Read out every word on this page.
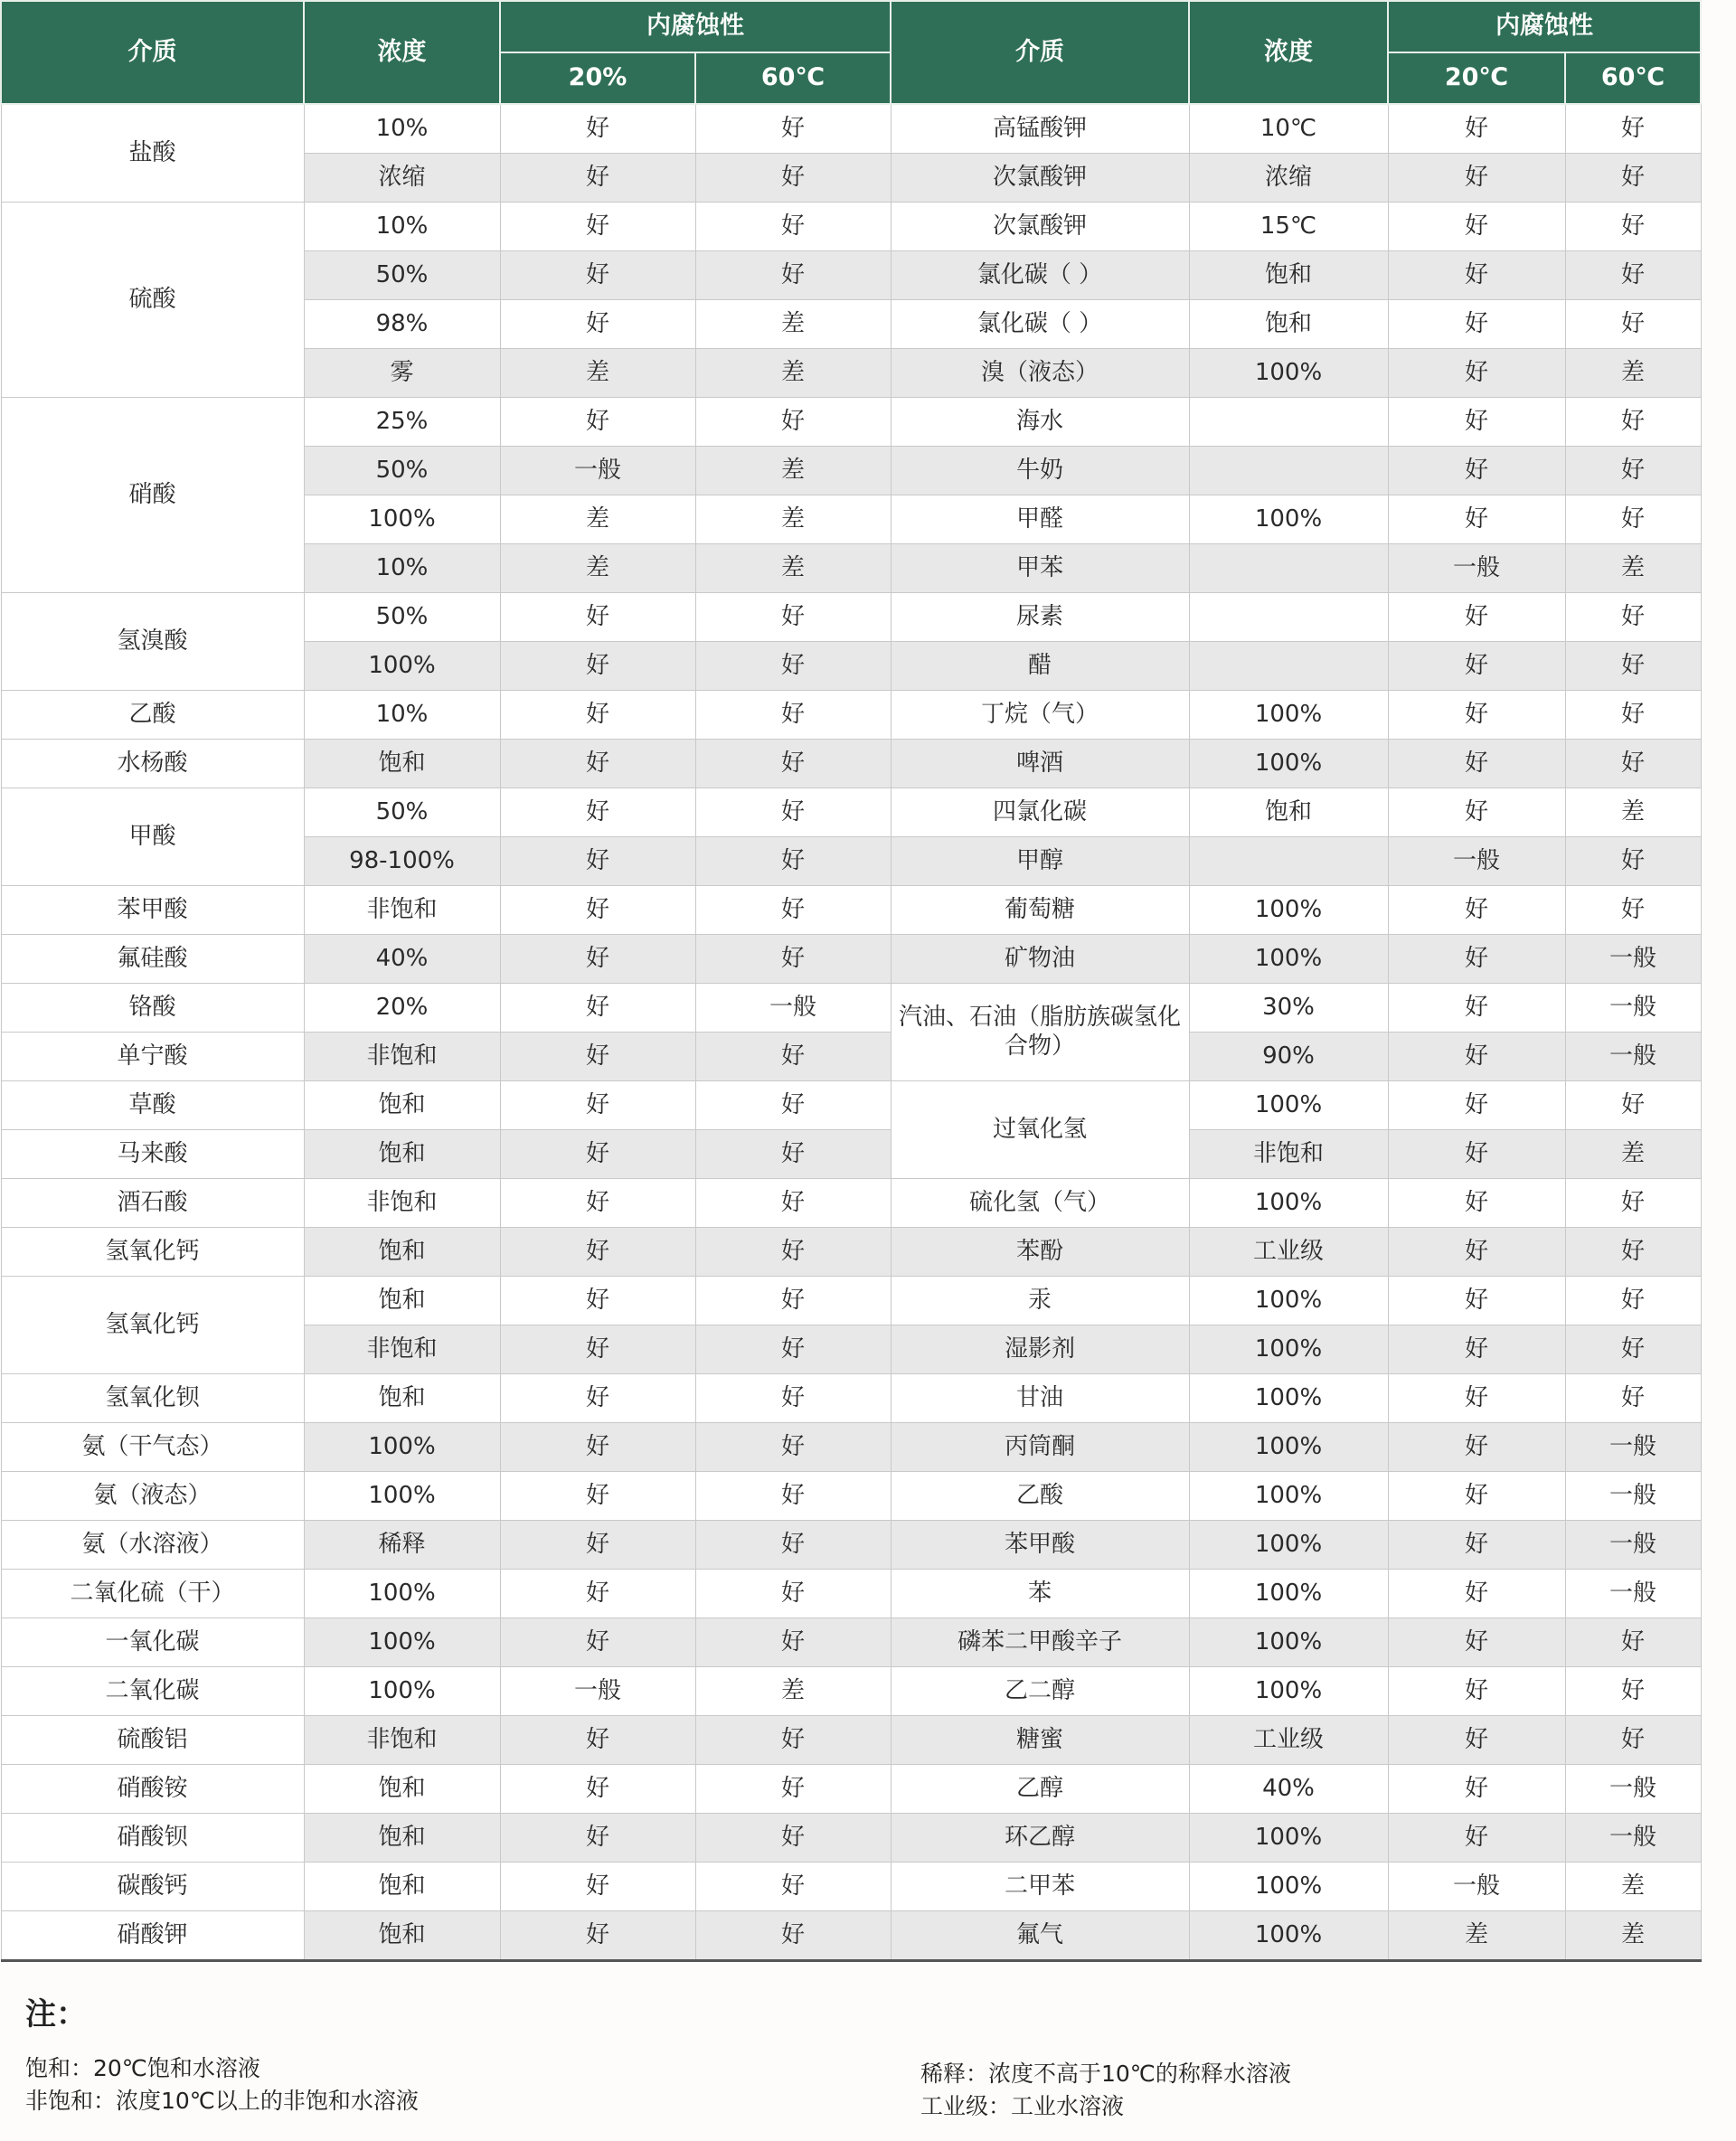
介质	浓度	内腐蚀性		介质	浓度	内腐蚀性	
		20%	60℃			20℃	60℃
盐酸	10%	好	好	高锰酸钾	10℃	好	好
	浓缩	好	好	次氯酸钾	浓缩	好	好
硫酸	10%	好	好	次氯酸钾	15℃	好	好
	50%	好	好	氯化碳（ ）	饱和	好	好
	98%	好	差	氯化碳（ ）	饱和	好	好
	雾	差	差	溴（液态）	100%	好	差
硝酸	25%	好	好	海水		好	好
	50%	一般	差	牛奶		好	好
	100%	差	差	甲醛	100%	好	好
	10%	差	差	甲苯		一般	差
氢溴酸	50%	好	好	尿素		好	好
	100%	好	好	醋		好	好
乙酸	10%	好	好	丁烷（气）	100%	好	好
水杨酸	饱和	好	好	啤酒	100%	好	好
甲酸	50%	好	好	四氯化碳	饱和	好	差
	98-100%	好	好	甲醇		一般	好
苯甲酸	非饱和	好	好	葡萄糖	100%	好	好
氟硅酸	40%	好	好	矿物油	100%	好	一般
铬酸	20%	好	一般	汽油、石油（脂肪族碳氢化合物）	30%	好	一般
单宁酸	非饱和	好	好		90%	好	一般
草酸	饱和	好	好	过氧化氢	100%	好	好
马来酸	饱和	好	好		非饱和	好	差
酒石酸	非饱和	好	好	硫化氢（气）	100%	好	好
氢氧化钙	饱和	好	好	苯酚	工业级	好	好
氢氧化钙	饱和	好	好	汞	100%	好	好
	非饱和	好	好	湿影剂	100%	好	好
氢氧化钡	饱和	好	好	甘油	100%	好	好
氨（干气态）	100%	好	好	丙筒酮	100%	好	一般
氨（液态）	100%	好	好	乙酸	100%	好	一般
氨（水溶液）	稀释	好	好	苯甲酸	100%	好	一般
二氧化硫（干）	100%	好	好	苯	100%	好	一般
一氧化碳	100%	好	好	磷苯二甲酸辛子	100%	好	好
二氧化碳	100%	一般	差	乙二醇	100%	好	好
硫酸铝	非饱和	好	好	糖蜜	工业级	好	好
硝酸铵	饱和	好	好	乙醇	40%	好	一般
硝酸钡	饱和	好	好	环乙醇	100%	好	一般
碳酸钙	饱和	好	好	二甲苯	100%	一般	差
硝酸钾	饱和	好	好	氟气	100%	差	差
注：
饱和：20℃饱和水溶液
非饱和：浓度10℃以上的非饱和水溶液
稀释：浓度不高于10℃的称释水溶液
工业级：工业水溶液
